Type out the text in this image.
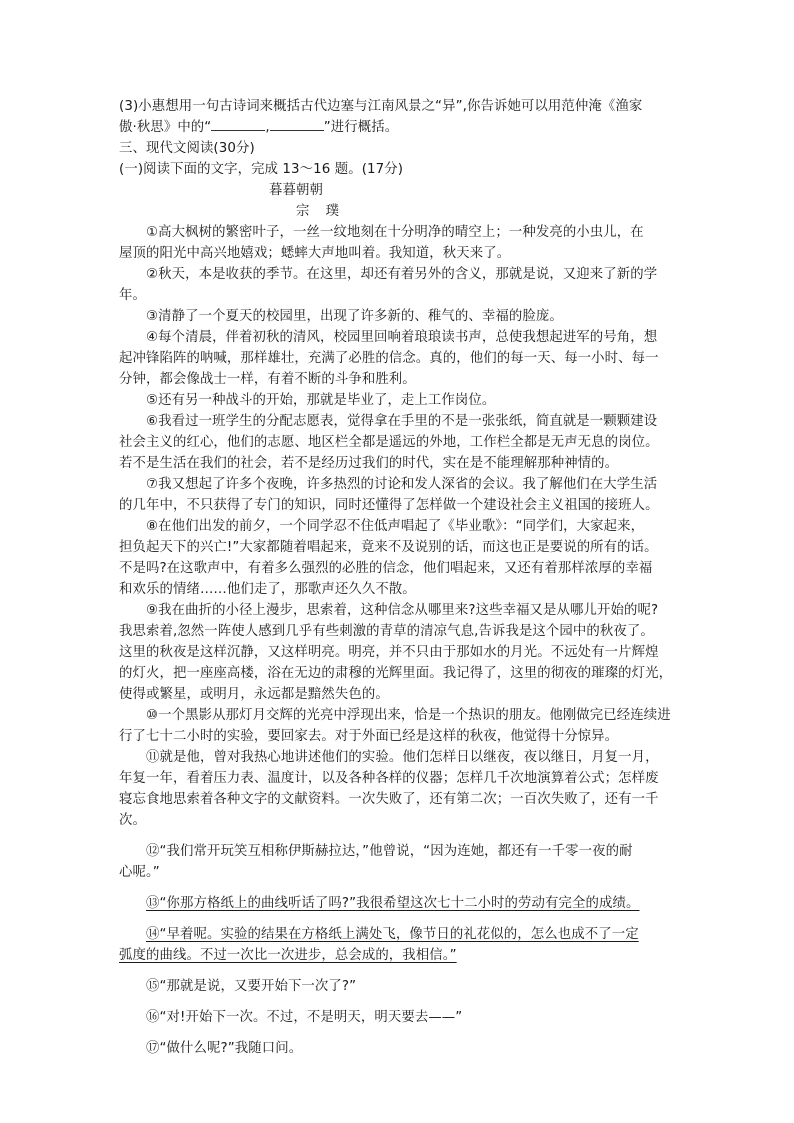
(3)小惠想用一句古诗词来概括古代边塞与江南风景之“异”,你告诉她可以用范仲淹《渔家
傲·秋思》中的“	,	”进行概括。
三、现代文阅读(30分)
(一)阅读下面的文字，完成 13～16 题。(17分)
暮暮朝朝
宗 璞
①高大枫树的繁密叶子，一丝一纹地刻在十分明净的晴空上；一种发亮的小虫儿，在
屋顶的阳光中高兴地嬉戏；蟋蟀大声地叫着。我知道，秋天来了。
②秋天，本是收获的季节。在这里，却还有着另外的含义，那就是说，又迎来了新的学
年。
③清静了一个夏天的校园里，出现了许多新的、稚气的、幸福的脸庞。
④每个清晨，伴着初秋的清风，校园里回响着琅琅读书声，总使我想起进军的号角，想
起冲锋陷阵的呐喊，那样雄壮，充满了必胜的信念。真的，他们的每一天、每一小时、每一
分钟，都会像战士一样，有着不断的斗争和胜利。
⑤还有另一种战斗的开始，那就是毕业了，走上工作岗位。
⑥我看过一班学生的分配志愿表，觉得拿在手里的不是一张张纸，简直就是一颗颗建设
社会主义的红心，他们的志愿、地区栏全都是遥远的外地，工作栏全都是无声无息的岗位。
若不是生活在我们的社会，若不是经历过我们的时代，实在是不能理解那种神情的。
⑦我又想起了许多个夜晚，许多热烈的讨论和发人深省的会议。我了解他们在大学生活
的几年中，不只获得了专门的知识，同时还懂得了怎样做一个建设社会主义祖国的接班人。
⑧在他们出发的前夕，一个同学忍不住低声唱起了《毕业歌》：“同学们，大家起来，
担负起天下的兴亡!”大家都随着唱起来，竟来不及说别的话，而这也正是要说的所有的话。
不是吗?在这歌声中，有着多么强烈的必胜的信念，他们唱起来，又还有着那样浓厚的幸福
和欢乐的情绪……他们走了，那歌声还久久不散。
⑨我在曲折的小径上漫步，思索着，这种信念从哪里来?这些幸福又是从哪儿开始的呢?
我思索着,忽然一阵使人感到几乎有些刺激的青草的清凉气息,告诉我是这个园中的秋夜了。
这里的秋夜是这样沉静，又这样明亮。明亮，并不只由于那如水的月光。不远处有一片辉煌
的灯火，把一座座高楼，浴在无边的肃穆的光辉里面。我记得了，这里的彻夜的璀璨的灯光，
使得或繁星，或明月，永远都是黯然失色的。
⑩一个黑影从那灯月交辉的光亮中浮现出来，恰是一个热识的朋友。他刚做完已经连续进
行了七十二小时的实验，要回家去。对于外面已经是这样的秋夜，他觉得十分惊异。
⑪就是他，曾对我热心地讲述他们的实验。他们怎样日以继夜，夜以继日，月复一月，
年复一年，看着压力表、温度计，以及各种各样的仪器；怎样几千次地演算着公式；怎样废
寝忘食地思索着各种文字的文献资料。一次失败了，还有第二次；一百次失败了，还有一千
次。
⑫“我们常开玩笑互相称伊斯赫拉达，”他曾说，“因为连她，都还有一千零一夜的耐
心呢。”
⑬“你那方格纸上的曲线听话了吗?”我很希望这次七十二小时的劳动有完全的成绩。
⑭“早着呢。实验的结果在方格纸上满处飞，像节日的礼花似的，怎么也成不了一定
弧度的曲线。不过一次比一次进步，总会成的，我相信。”
⑮“那就是说，又要开始下一次了?”
⑯“对!开始下一次。不过，不是明天，明天要去——”
⑰“做什么呢?”我随口问。
